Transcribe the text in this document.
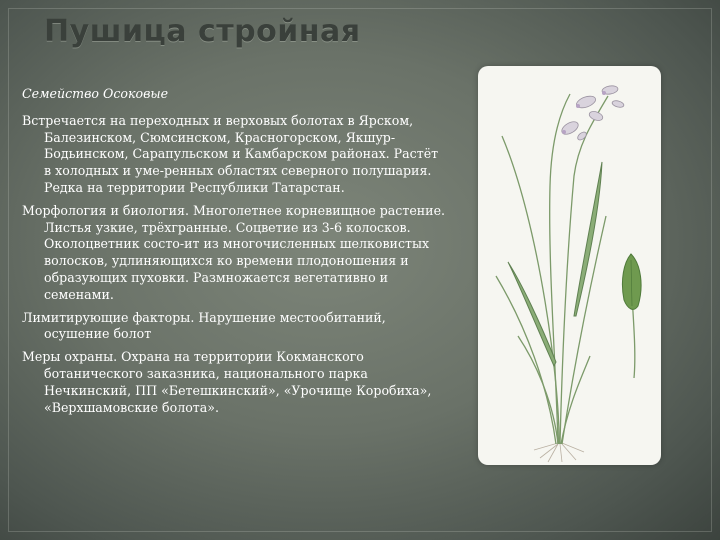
Пушица стройная

Семейство Осоковые

Встречается на переходных и верховых болотах в Ярском, Балезинском, Сюмсинском, Красногорском, Якшур-Бодьинском, Сарапульском и Камбарском районах. Растёт в холодных и уме-ренных областях северного полушария. Редка на территории Республики Татарстан.

Морфология и биология. Многолетнее корневищное растение. Листья узкие, трёхгранные. Соцветие из 3-6 колосков. Околоцветник состо-ит из многочисленных шелковистых волосков, удлиняющихся ко времени плодоношения и образующих пуховки. Размножается вегетативно и семенами.

Лимитирующие факторы. Нарушение местообитаний, осушение болот

Меры охраны. Охрана на территории Кокманского ботанического заказника, национального парка Нечкинский, ПП «Бетешкинский», «Урочище Коробиха», «Верхшамовские болота».
